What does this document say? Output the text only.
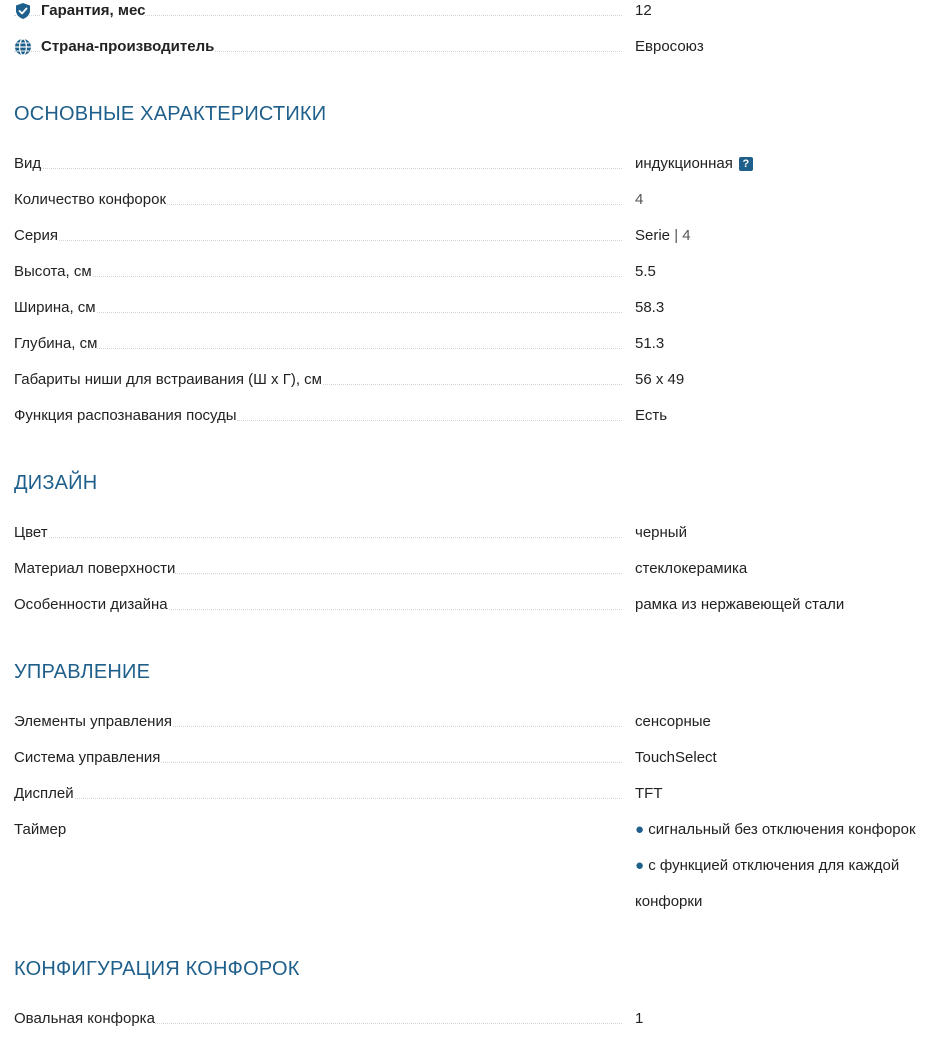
Гарантия, мес	12
Страна-производитель	Евросоюз
ОСНОВНЫЕ ХАРАКТЕРИСТИКИ
Вид	индукционная ?
Количество конфорок	4
Серия	Serie | 4
Высота, см	5.5
Ширина, см	58.3
Глубина, см	51.3
Габариты ниши для встраивания (Ш х Г), см	56 х 49
Функция распознавания посуды	Есть
ДИЗАЙН
Цвет	черный
Материал поверхности	стеклокерамика
Особенности дизайна	рамка из нержавеющей стали
УПРАВЛЕНИЕ
Элементы управления	сенсорные
Система управления	TouchSelect
Дисплей	TFT
Таймер	● сигнальный без отключения конфорок
● с функцией отключения для каждой
конфорки
КОНФИГУРАЦИЯ КОНФОРОК
Овальная конфорка	1
